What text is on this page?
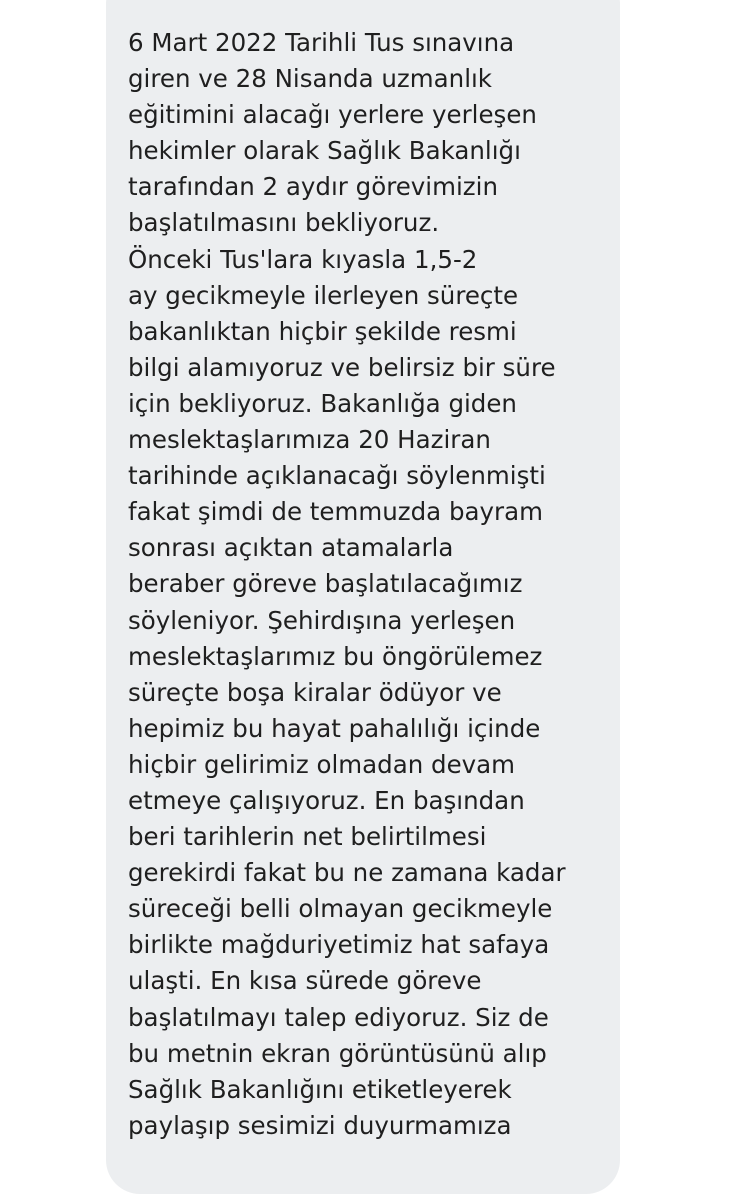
6 Mart 2022 Tarihli Tus sınavına
giren ve 28 Nisanda uzmanlık
eğitimini alacağı yerlere yerleşen
hekimler olarak Sağlık Bakanlığı
tarafından 2 aydır görevimizin
başlatılmasını bekliyoruz.
Önceki Tus'lara kıyasla 1,5-2
ay gecikmeyle ilerleyen süreçte
bakanlıktan hiçbir şekilde resmi
bilgi alamıyoruz ve belirsiz bir süre
için bekliyoruz. Bakanlığa giden
meslektaşlarımıza 20 Haziran
tarihinde açıklanacağı söylenmişti
fakat şimdi de temmuzda bayram
sonrası açıktan atamalarla
beraber göreve başlatılacağımız
söyleniyor. Şehirdışına yerleşen
meslektaşlarımız bu öngörülemez
süreçte boşa kiralar ödüyor ve
hepimiz bu hayat pahalılığı içinde
hiçbir gelirimiz olmadan devam
etmeye çalışıyoruz. En başından
beri tarihlerin net belirtilmesi
gerekirdi fakat bu ne zamana kadar
süreceği belli olmayan gecikmeyle
birlikte mağduriyetimiz hat safaya
ulaşti. En kısa sürede göreve
başlatılmayı talep ediyoruz. Siz de
bu metnin ekran görüntüsünü alıp
Sağlık Bakanlığını etiketleyerek
paylaşıp sesimizi duyurmamıza
